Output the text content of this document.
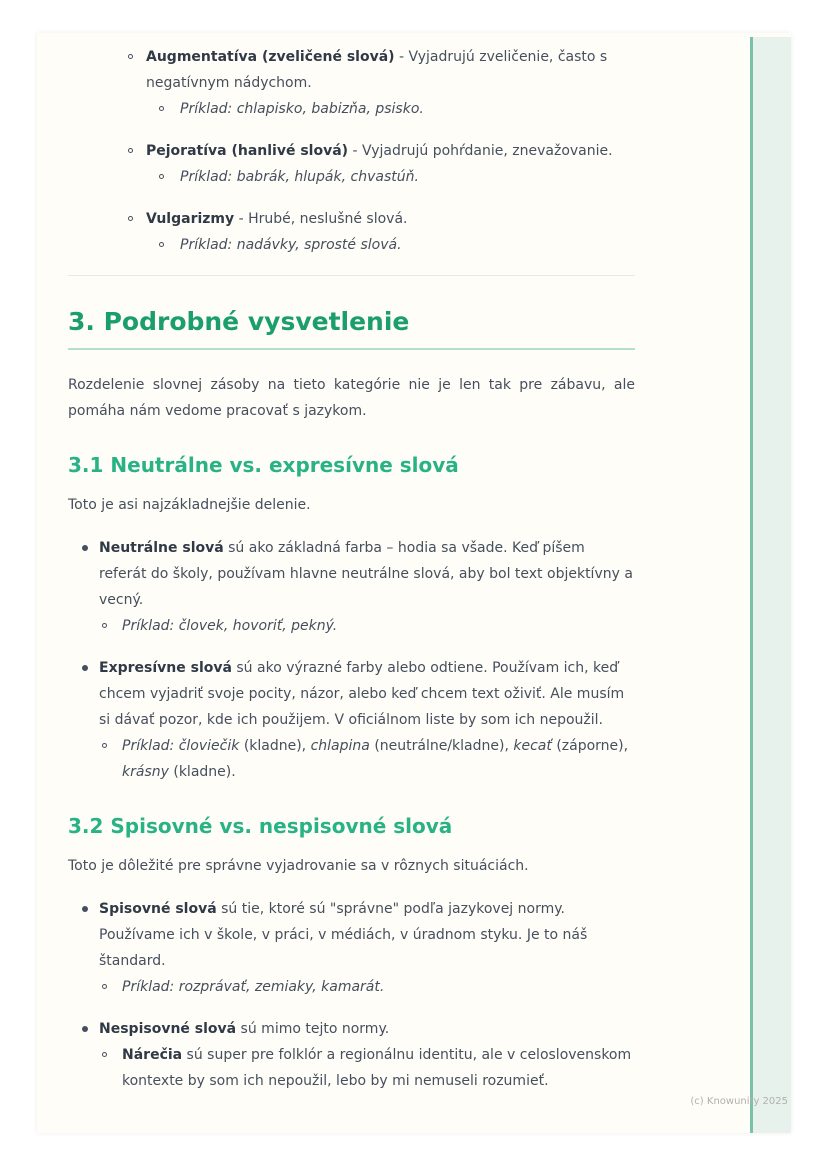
Augmentatíva (zveličené slová) - Vyjadrujú zveličenie, často s negatívnym nádychom.
Príklad: chlapisko, babizňa, psisko.
Pejoratíva (hanlivé slová) - Vyjadrujú pohŕdanie, znevažovanie.
Príklad: babrák, hlupák, chvastúň.
Vulgarizmy - Hrubé, neslušné slová.
Príklad: nadávky, sprosté slová.
3. Podrobné vysvetlenie

Rozdelenie slovnej zásoby na tieto kategórie nie je len tak pre zábavu, ale pomáha nám vedome pracovať s jazykom.

3.1 Neutrálne vs. expresívne slová

Toto je asi najzákladnejšie delenie.

Neutrálne slová sú ako základná farba – hodia sa všade. Keď píšem referát do školy, používam hlavne neutrálne slová, aby bol text objektívny a vecný.
Príklad: človek, hovoriť, pekný.
Expresívne slová sú ako výrazné farby alebo odtiene. Používam ich, keď chcem vyjadriť svoje pocity, názor, alebo keď chcem text oživiť. Ale musím si dávať pozor, kde ich použijem. V oficiálnom liste by som ich nepoužil.
Príklad: človiečik (kladne), chlapina (neutrálne/kladne), kecať (záporne), krásny (kladne).
3.2 Spisovné vs. nespisovné slová

Toto je dôležité pre správne vyjadrovanie sa v rôznych situáciách.

Spisovné slová sú tie, ktoré sú "správne" podľa jazykovej normy. Používame ich v škole, v práci, v médiách, v úradnom styku. Je to náš štandard.
Príklad: rozprávať, zemiaky, kamarát.
Nespisovné slová sú mimo tejto normy.
Nárečia sú super pre folklór a regionálnu identitu, ale v celoslovenskom kontexte by som ich nepoužil, lebo by mi nemuseli rozumieť.
(c) Knowunity 2025
